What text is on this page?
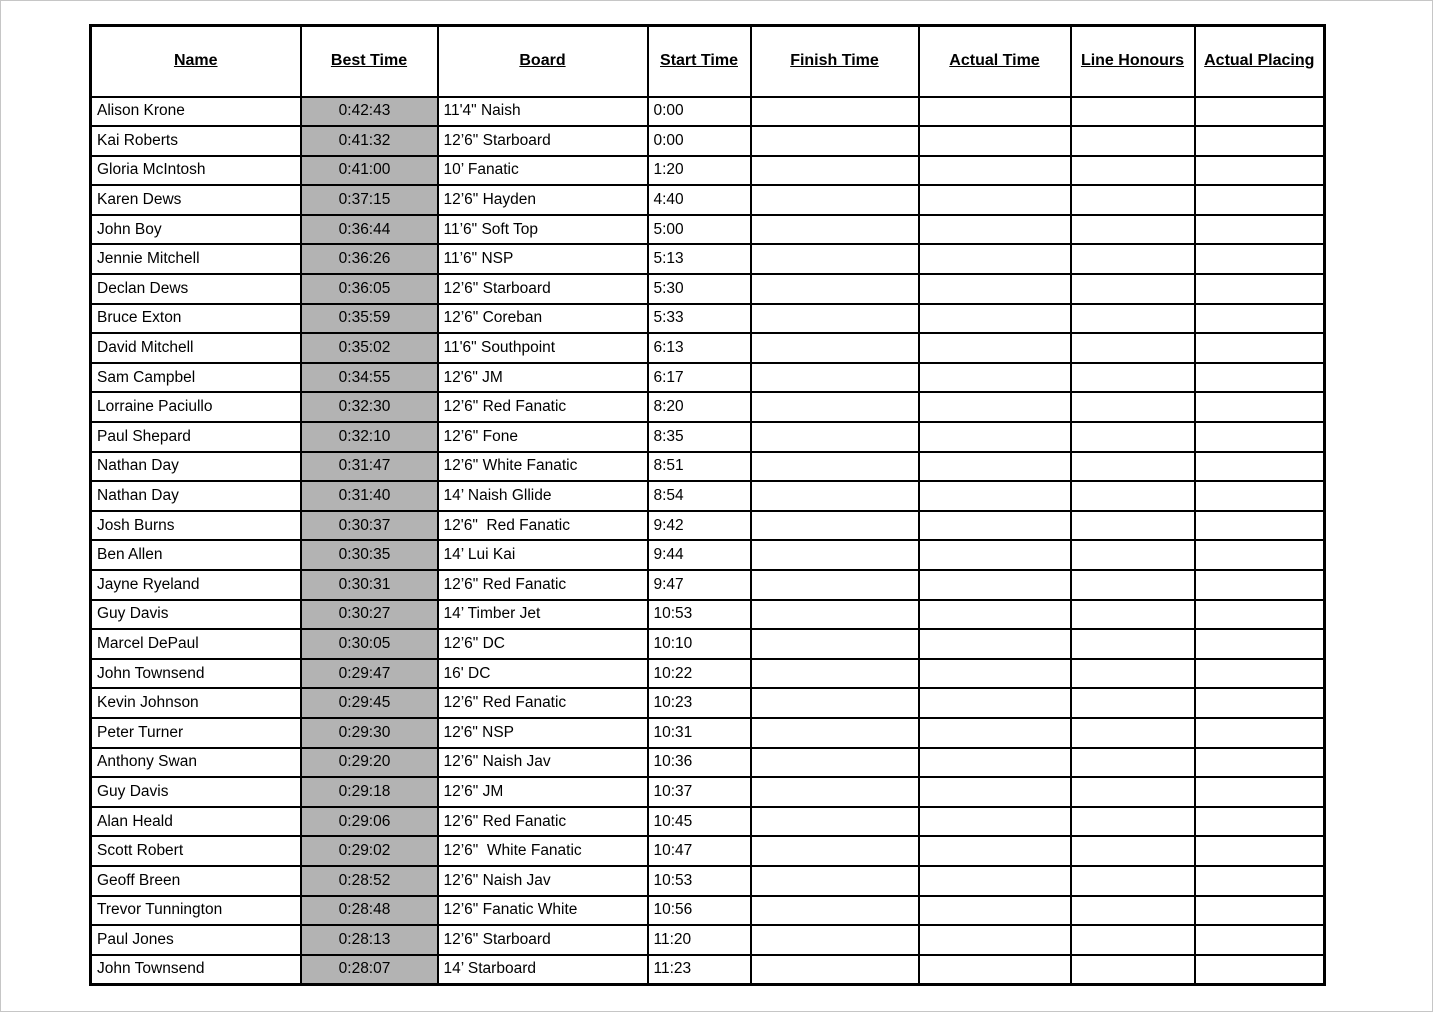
Name	Best Time	Board	Start Time	Finish Time	Actual Time	Line Honours	Actual Placing
Alison Krone	0:42:43	11'4" Naish	0:00				
Kai Roberts	0:41:32	12’6" Starboard	0:00				
Gloria McIntosh	0:41:00	10’ Fanatic	1:20				
Karen Dews	0:37:15	12’6" Hayden	4:40				
John Boy	0:36:44	11’6" Soft Top	5:00				
Jennie Mitchell	0:36:26	11’6" NSP	5:13				
Declan Dews	0:36:05	12’6" Starboard	5:30				
Bruce Exton	0:35:59	12’6" Coreban	5:33				
David Mitchell	0:35:02	11'6" Southpoint	6:13				
Sam Campbel	0:34:55	12'6" JM	6:17				
Lorraine Paciullo	0:32:30	12’6" Red Fanatic	8:20				
Paul Shepard	0:32:10	12’6" Fone	8:35				
Nathan Day	0:31:47	12’6" White Fanatic	8:51				
Nathan Day	0:31:40	14’ Naish Gllide	8:54				
Josh Burns	0:30:37	12'6"  Red Fanatic	9:42				
Ben Allen	0:30:35	14’ Lui Kai	9:44				
Jayne Ryeland	0:30:31	12’6" Red Fanatic	9:47				
Guy Davis	0:30:27	14’ Timber Jet	10:53				
Marcel DePaul	0:30:05	12’6" DC	10:10				
John Townsend	0:29:47	16' DC	10:22				
Kevin Johnson	0:29:45	12’6" Red Fanatic	10:23				
Peter Turner	0:29:30	12'6" NSP	10:31				
Anthony Swan	0:29:20	12’6" Naish Jav	10:36				
Guy Davis	0:29:18	12’6" JM	10:37				
Alan Heald	0:29:06	12’6" Red Fanatic	10:45				
Scott Robert	0:29:02	12’6"  White Fanatic	10:47				
Geoff Breen	0:28:52	12’6" Naish Jav	10:53				
Trevor Tunnington	0:28:48	12’6" Fanatic White	10:56				
Paul Jones	0:28:13	12’6" Starboard	11:20				
John Townsend	0:28:07	14’ Starboard	11:23				
